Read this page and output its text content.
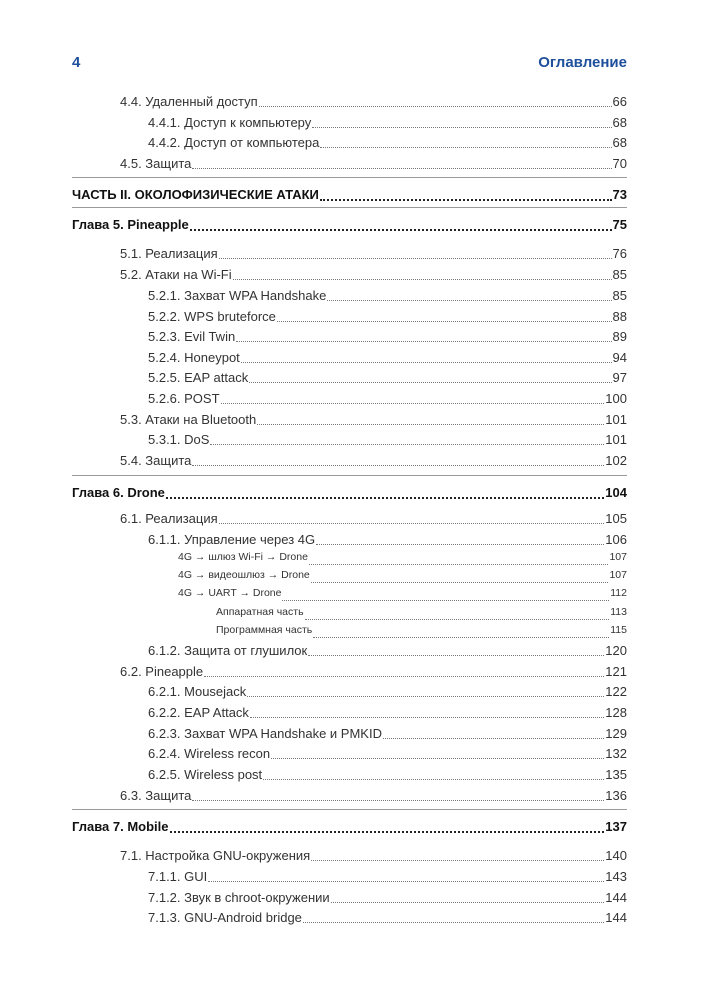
4	Оглавление
4.4. Удаленный доступ	66
4.4.1. Доступ к компьютеру	68
4.4.2. Доступ от компьютера	68
4.5. Защита	70
ЧАСТЬ II. ОКОЛОФИЗИЧЕСКИЕ АТАКИ	73
Глава 5. Pineapple	75
5.1. Реализация	76
5.2. Атаки на Wi-Fi	85
5.2.1. Захват WPA Handshake	85
5.2.2. WPS bruteforce	88
5.2.3. Evil Twin	89
5.2.4. Honeypot	94
5.2.5. EAP attack	97
5.2.6. POST	100
5.3. Атаки на Bluetooth	101
5.3.1. DoS	101
5.4. Защита	102
Глава 6. Drone	104
6.1. Реализация	105
6.1.1. Управление через 4G	106
4G → шлюз Wi-Fi → Drone	107
4G → видеошлюз → Drone	107
4G → UART → Drone	112
Аппаратная часть	113
Программная часть	115
6.1.2. Защита от глушилок	120
6.2. Pineapple	121
6.2.1. Mousejack	122
6.2.2. EAP Attack	128
6.2.3. Захват WPA Handshake и PMKID	129
6.2.4. Wireless recon	132
6.2.5. Wireless post	135
6.3. Защита	136
Глава 7. Mobile	137
7.1. Настройка GNU-окружения	140
7.1.1. GUI	143
7.1.2. Звук в chroot-окружении	144
7.1.3. GNU-Android bridge	144
